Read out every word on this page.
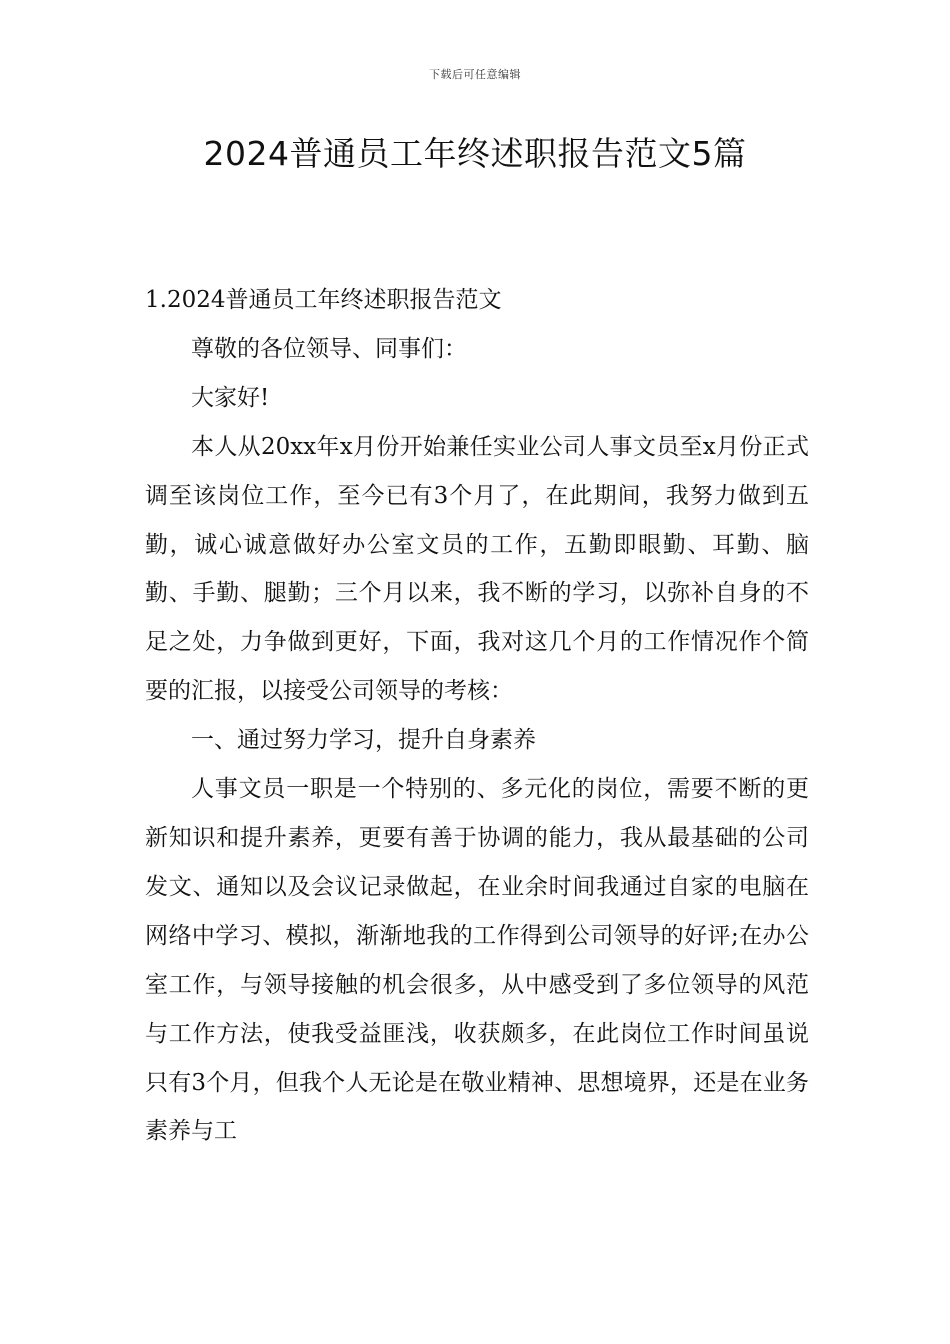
下载后可任意编辑
2024普通员工年终述职报告范文5篇

1.2024普通员工年终述职报告范文

尊敬的各位领导、同事们：

大家好!

本人从20xx年x月份开始兼任实业公司人事文员至x月份正式调至该岗位工作，至今已有3个月了，在此期间，我努力做到五勤，诚心诚意做好办公室文员的工作，五勤即眼勤、耳勤、脑勤、手勤、腿勤；三个月以来，我不断的学习，以弥补自身的不足之处，力争做到更好，下面，我对这几个月的工作情况作个简要的汇报，以接受公司领导的考核：

一、通过努力学习，提升自身素养

人事文员一职是一个特别的、多元化的岗位，需要不断的更新知识和提升素养，更要有善于协调的能力，我从最基础的公司发文、通知以及会议记录做起，在业余时间我通过自家的电脑在网络中学习、模拟，渐渐地我的工作得到公司领导的好评;在办公室工作，与领导接触的机会很多，从中感受到了多位领导的风范与工作方法，使我受益匪浅，收获颇多，在此岗位工作时间虽说只有3个月，但我个人无论是在敬业精神、思想境界，还是在业务素养与工
